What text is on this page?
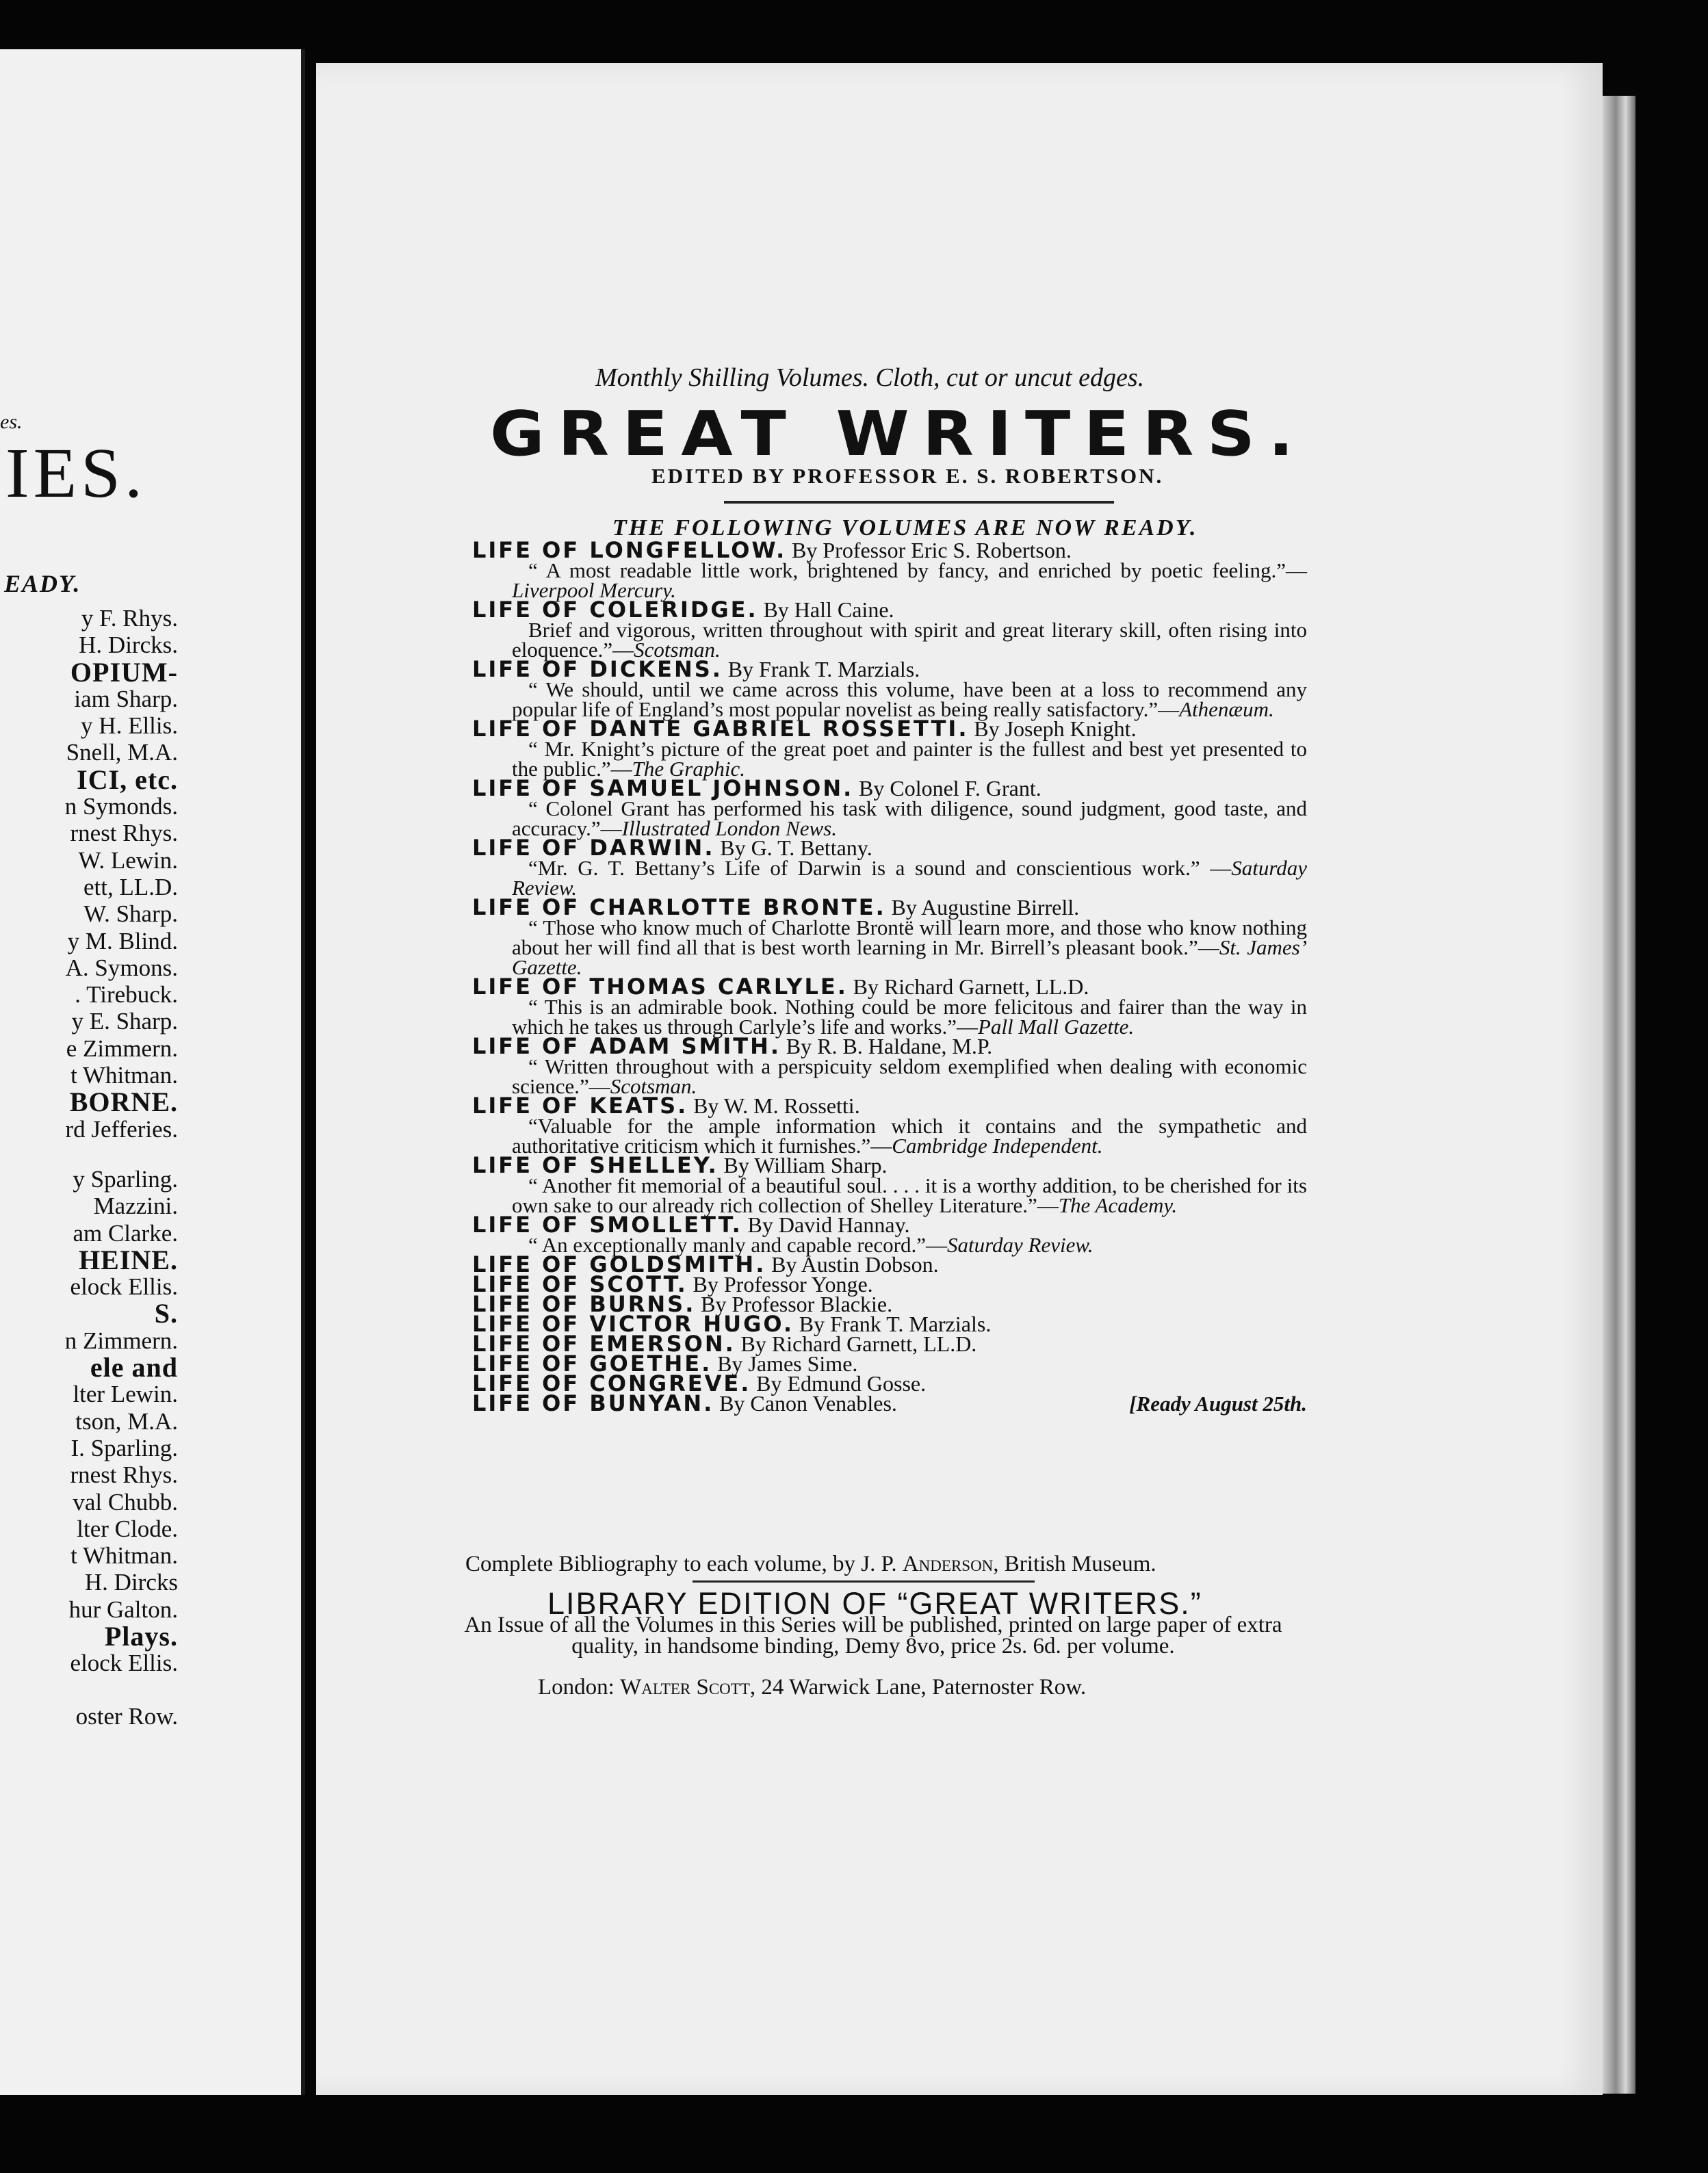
es.
IES.
EADY.
y F. Rhys.
H. Dircks.
OPIUM-
iam Sharp.
y H. Ellis.
Snell, M.A.
ICI, etc.
n Symonds.
rnest Rhys.
W. Lewin.
ett, LL.D.
W. Sharp.
y M. Blind.
A. Symons.
. Tirebuck.
y E. Sharp.
e Zimmern.
t Whitman.
BORNE.
rd Jefferies.
y Sparling.
Mazzini.
am Clarke.
HEINE.
elock Ellis.
S.
n Zimmern.
ele and
lter Lewin.
tson, M.A.
I. Sparling.
rnest Rhys.
val Chubb.
lter Clode.
t Whitman.
H. Dircks
hur Galton.
Plays.
elock Ellis.
oster Row.
Monthly Shilling Volumes. Cloth, cut or uncut edges.
GREAT WRITERS.
EDITED BY PROFESSOR E. S. ROBERTSON.
THE FOLLOWING VOLUMES ARE NOW READY.
LIFE OF LONGFELLOW. By Professor Eric S. Robertson.
“ A most readable little work, brightened by fancy, and enriched by poetic feeling.”—Liverpool Mercury.
LIFE OF COLERIDGE. By Hall Caine.
Brief and vigorous, written throughout with spirit and great literary skill, often rising into eloquence.”—Scotsman.
LIFE OF DICKENS. By Frank T. Marzials.
“ We should, until we came across this volume, have been at a loss to recommend any popular life of England’s most popular novelist as being really satisfactory.”—Athenæum.
LIFE OF DANTE GABRIEL ROSSETTI. By Joseph Knight.
“ Mr. Knight’s picture of the great poet and painter is the fullest and best yet presented to the public.”—The Graphic.
LIFE OF SAMUEL JOHNSON. By Colonel F. Grant.
“ Colonel Grant has performed his task with diligence, sound judgment, good taste, and accuracy.”—Illustrated London News.
LIFE OF DARWIN. By G. T. Bettany.
“Mr. G. T. Bettany’s Life of Darwin is a sound and conscientious work.” —Saturday Review.
LIFE OF CHARLOTTE BRONTE. By Augustine Birrell.
“ Those who know much of Charlotte Brontë will learn more, and those who know nothing about her will find all that is best worth learning in Mr. Birrell’s pleasant book.”—St. James’ Gazette.
LIFE OF THOMAS CARLYLE. By Richard Garnett, LL.D.
“ This is an admirable book. Nothing could be more felicitous and fairer than the way in which he takes us through Carlyle’s life and works.”—Pall Mall Gazette.
LIFE OF ADAM SMITH. By R. B. Haldane, M.P.
“ Written throughout with a perspicuity seldom exemplified when dealing with economic science.”—Scotsman.
LIFE OF KEATS. By W. M. Rossetti.
“Valuable for the ample information which it contains and the sympathetic and authoritative criticism which it furnishes.”—Cambridge Independent.
LIFE OF SHELLEY. By William Sharp.
“ Another fit memorial of a beautiful soul. . . . it is a worthy addition, to be cherished for its own sake to our already rich collection of Shelley Literature.”—The Academy.
LIFE OF SMOLLETT. By David Hannay.
“ An exceptionally manly and capable record.”—Saturday Review.
LIFE OF GOLDSMITH. By Austin Dobson.
LIFE OF SCOTT. By Professor Yonge.
LIFE OF BURNS. By Professor Blackie.
LIFE OF VICTOR HUGO. By Frank T. Marzials.
LIFE OF EMERSON. By Richard Garnett, LL.D.
LIFE OF GOETHE. By James Sime.
LIFE OF CONGREVE. By Edmund Gosse.
LIFE OF BUNYAN. By Canon Venables.	[Ready August 25th.
Complete Bibliography to each volume, by J. P. Anderson, British Museum.
LIBRARY EDITION OF “GREAT WRITERS.”
An Issue of all the Volumes in this Series will be published, printed on large paper of extra quality, in handsome binding, Demy 8vo, price 2s. 6d. per volume.
London: Walter Scott, 24 Warwick Lane, Paternoster Row.
